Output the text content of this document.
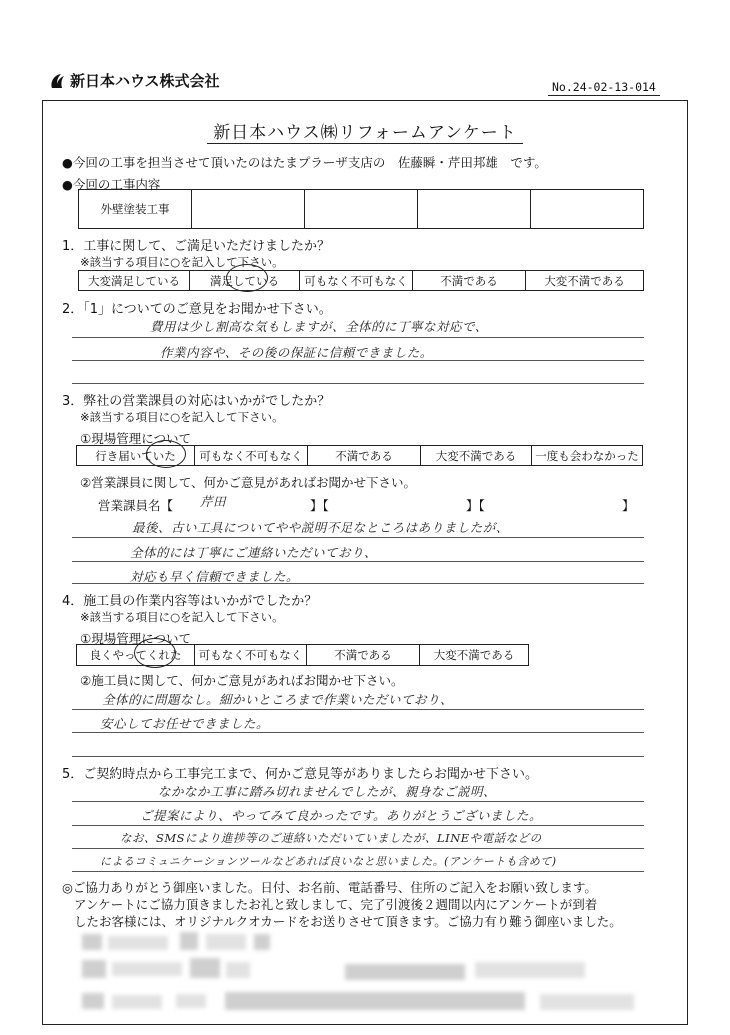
新日本ハウス株式会社	No.24-02-13-014
新日本ハウス㈱リフォームアンケート
●今回の工事を担当させて頂いたのはたまプラーザ支店の　佐藤瞬・芹田邦雄　です。
●今回の工事内容
外壁塗装工事
1．工事に関して、ご満足いただけましたか？
※該当する項目に○を記入して下さい。
大変満足している	満足している	可もなく不可もなく	不満である	大変不満である
2．「1」についてのご意見をお聞かせ下さい。
費用は少し割高な気もしますが、全体的に丁寧な対応で、
作業内容や、その後の保証に信頼できました。
3．弊社の営業課員の対応はいかがでしたか？
※該当する項目に○を記入して下さい。
①現場管理について
行き届いていた	可もなく不可もなく	不満である	大変不満である	一度も会わなかった
②営業課員に関して、何かご意見があればお聞かせ下さい。
営業課員名【 芹田	】【	】【	】
最後、古い工具についてやや説明不足なところはありましたが、
全体的には丁寧にご連絡いただいており、
対応も早く信頼できました。
4．施工員の作業内容等はいかがでしたか？
※該当する項目に○を記入して下さい。
①現場管理について
良くやってくれた	可もなく不可もなく	不満である	大変不満である
②施工員に関して、何かご意見があればお聞かせ下さい。
全体的に問題なし。細かいところまで作業いただいており、
安心してお任せできました。
5．ご契約時点から工事完工まで、何かご意見等がありましたらお聞かせ下さい。
なかなか工事に踏み切れませんでしたが、親身なご説明、
ご提案により、やってみて良かったです。ありがとうございました。
なお、SMSにより進捗等のご連絡いただいていましたが、LINEや電話などの
によるコミュニケーションツールなどあれば良いなと思いました。(アンケートも含めて)
◎ご協力ありがとう御座いました。日付、お名前、電話番号、住所のご記入をお願い致します。
アンケートにご協力頂きましたお礼と致しまして、完了引渡後２週間以内にアンケートが到着
したお客様には、オリジナルクオカードをお送りさせて頂きます。ご協力有り難う御座いました。
